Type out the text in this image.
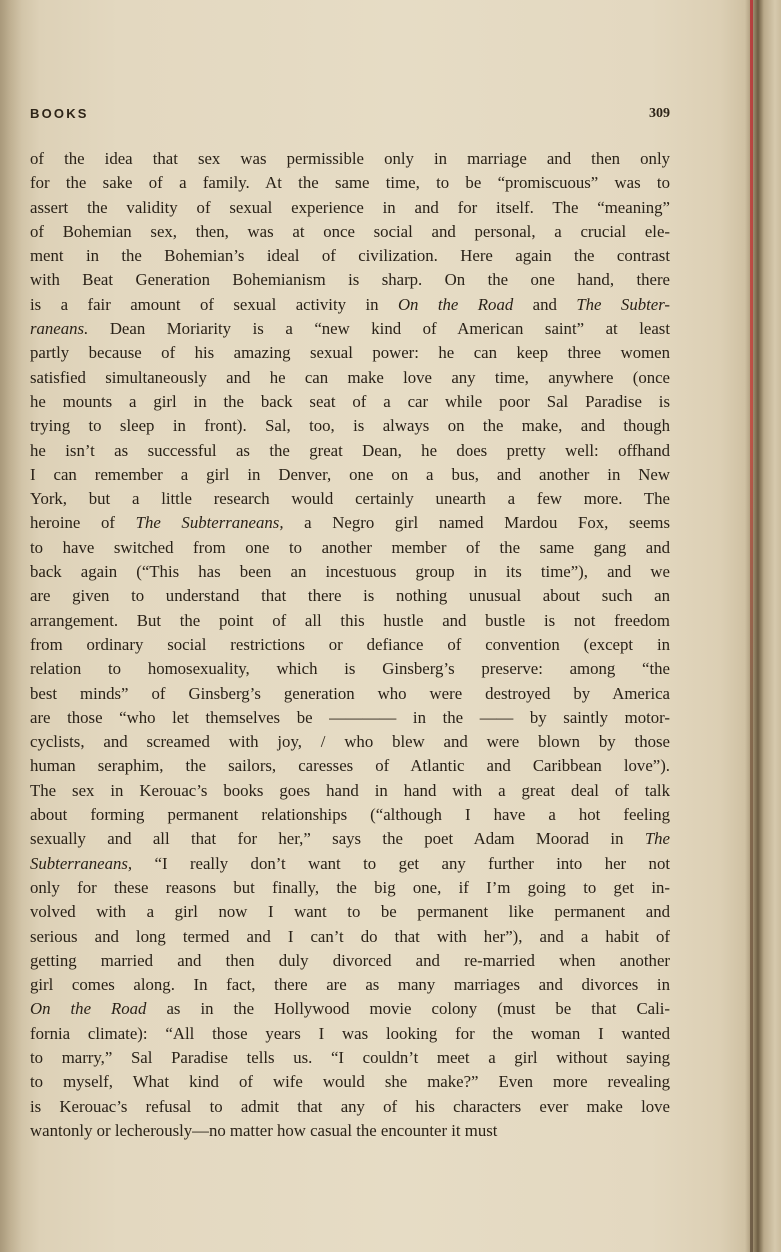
BOOKS	309
of the idea that sex was permissible only in marriage and then only
for the sake of a family. At the same time, to be “promiscuous” was to
assert the validity of sexual experience in and for itself. The “meaning”
of Bohemian sex, then, was at once social and personal, a crucial ele-
ment in the Bohemian’s ideal of civilization. Here again the contrast
with Beat Generation Bohemianism is sharp. On the one hand, there
is a fair amount of sexual activity in On the Road and The Subter-
raneans. Dean Moriarity is a “new kind of American saint” at least
partly because of his amazing sexual power: he can keep three women
satisfied simultaneously and he can make love any time, anywhere (once
he mounts a girl in the back seat of a car while poor Sal Paradise is
trying to sleep in front). Sal, too, is always on the make, and though
he isn’t as successful as the great Dean, he does pretty well: offhand
I can remember a girl in Denver, one on a bus, and another in New
York, but a little research would certainly unearth a few more. The
heroine of The Subterraneans, a Negro girl named Mardou Fox, seems
to have switched from one to another member of the same gang and
back again (“This has been an incestuous group in its time”), and we
are given to understand that there is nothing unusual about such an
arrangement. But the point of all this hustle and bustle is not freedom
from ordinary social restrictions or defiance of convention (except in
relation to homosexuality, which is Ginsberg’s preserve: among “the
best minds” of Ginsberg’s generation who were destroyed by America
are those “who let themselves be ———— in the —— by saintly motor-
cyclists, and screamed with joy, / who blew and were blown by those
human seraphim, the sailors, caresses of Atlantic and Caribbean love”).
The sex in Kerouac’s books goes hand in hand with a great deal of talk
about forming permanent relationships (“although I have a hot feeling
sexually and all that for her,” says the poet Adam Moorad in The
Subterraneans, “I really don’t want to get any further into her not
only for these reasons but finally, the big one, if I’m going to get in-
volved with a girl now I want to be permanent like permanent and
serious and long termed and I can’t do that with her”), and a habit of
getting married and then duly divorced and re-married when another
girl comes along. In fact, there are as many marriages and divorces in
On the Road as in the Hollywood movie colony (must be that Cali-
fornia climate): “All those years I was looking for the woman I wanted
to marry,” Sal Paradise tells us. “I couldn’t meet a girl without saying
to myself, What kind of wife would she make?” Even more revealing
is Kerouac’s refusal to admit that any of his characters ever make love
wantonly or lecherously—no matter how casual the encounter it must
